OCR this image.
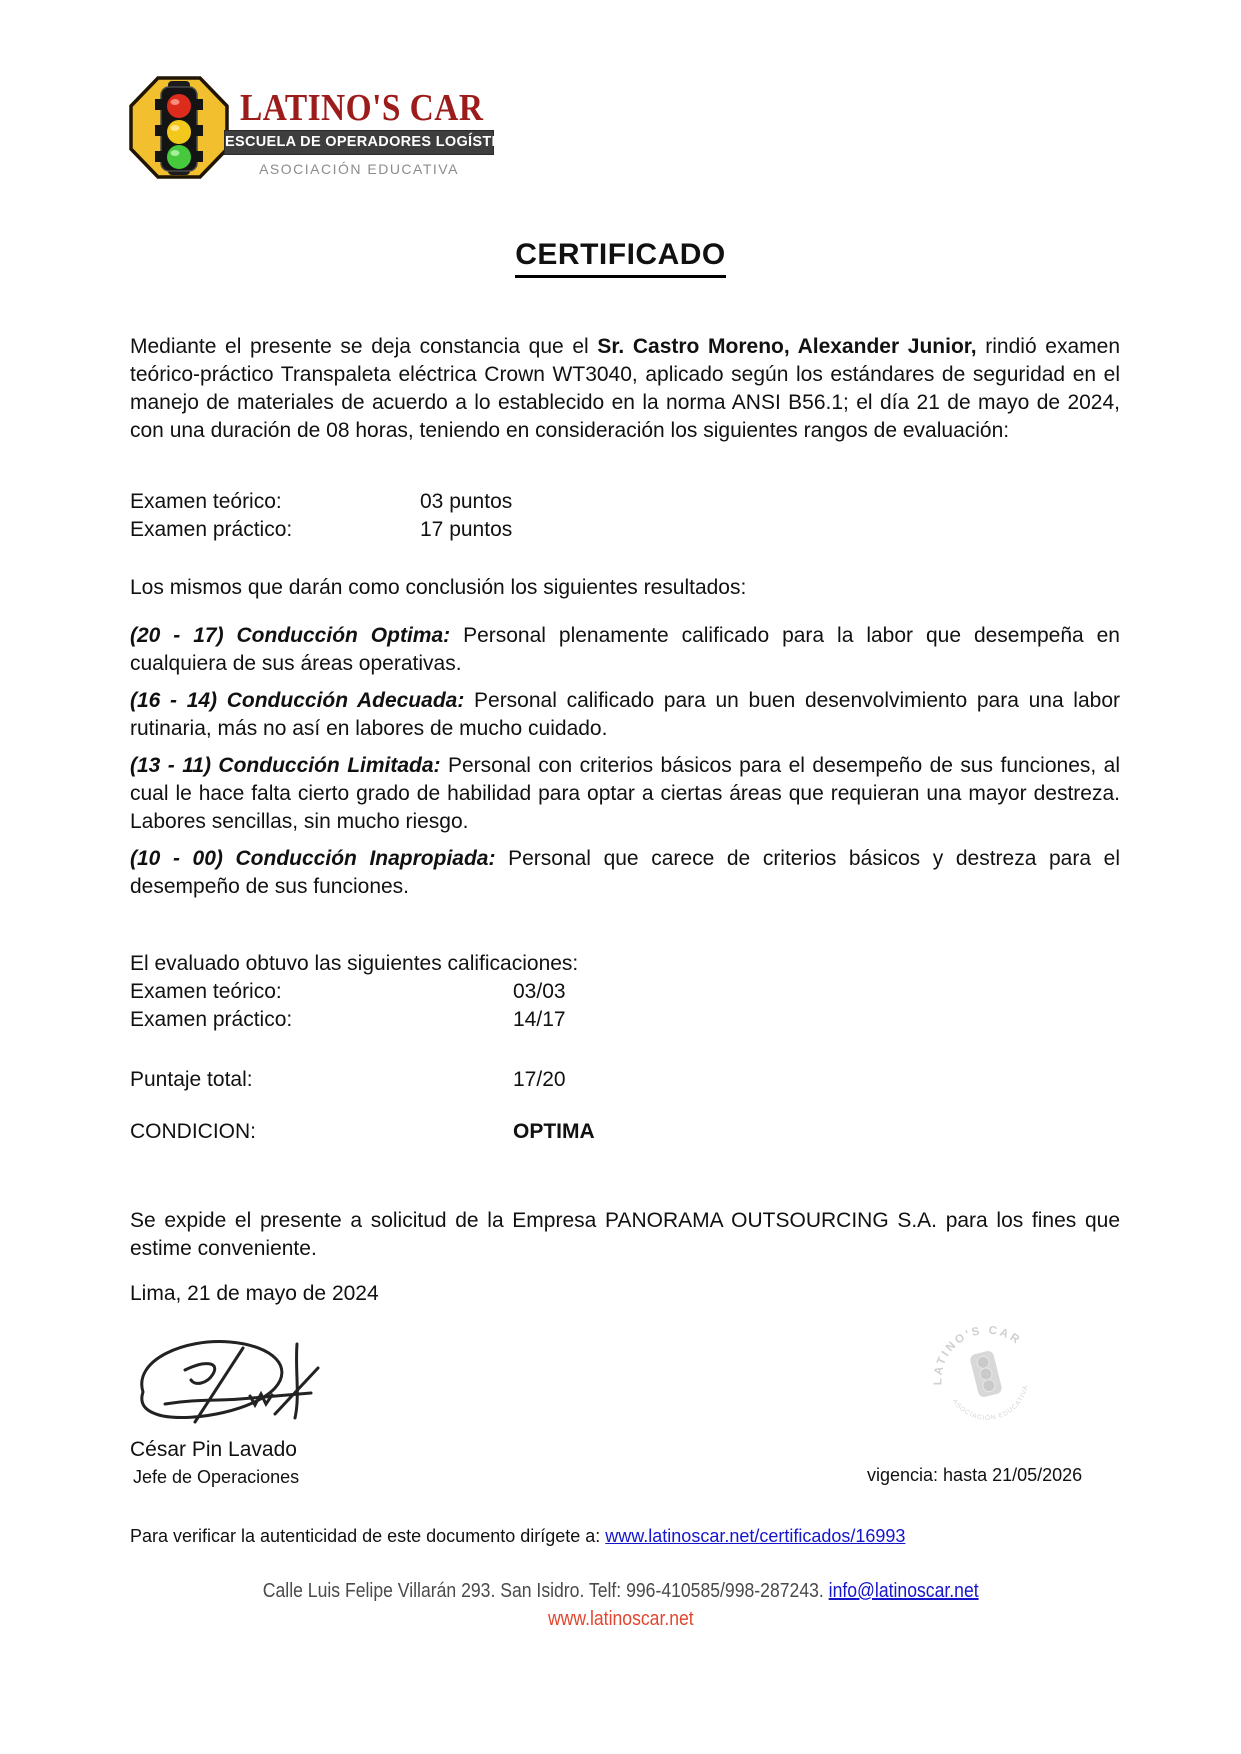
LATINO'S CAR
ESCUELA DE OPERADORES LOGÍSTICOS
ASOCIACIÓN EDUCATIVA
CERTIFICADO

Mediante el presente se deja constancia que el Sr. Castro Moreno, Alexander Junior, rindió examen teórico-práctico Transpaleta eléctrica Crown WT3040, aplicado según los estándares de seguridad en el manejo de materiales de acuerdo a lo establecido en la norma ANSI B56.1; el día 21 de mayo de 2024, con una duración de 08 horas, teniendo en consideración los siguientes rangos de evaluación:

Examen teórico:	03 puntos
Examen práctico:	17 puntos
Los mismos que darán como conclusión los siguientes resultados:

(20 - 17) Conducción Optima: Personal plenamente calificado para la labor que desempeña en cualquiera de sus áreas operativas.

(16 - 14) Conducción Adecuada: Personal calificado para un buen desenvolvimiento para una labor rutinaria, más no así en labores de mucho cuidado.

(13 - 11) Conducción Limitada: Personal con criterios básicos para el desempeño de sus funciones, al cual le hace falta cierto grado de habilidad para optar a ciertas áreas que requieran una mayor destreza. Labores sencillas, sin mucho riesgo.

(10 - 00) Conducción Inapropiada: Personal que carece de criterios básicos y destreza para el desempeño de sus funciones.

El evaluado obtuvo las siguientes calificaciones:
Examen teórico:	03/03
Examen práctico:	14/17
Puntaje total:	17/20
CONDICION:	OPTIMA

Se expide el presente a solicitud de la Empresa PANORAMA OUTSOURCING S.A. para los fines que estime conveniente.

Lima, 21 de mayo de 2024
César Pin Lavado
Jefe de Operaciones	vigencia: hasta 21/05/2026
LATINO'S CAR
ASOCIACIÓN EDUCATIVA
Para verificar la autenticidad de este documento dirígete a: www.latinoscar.net/certificados/16993
Calle Luis Felipe Villarán 293. San Isidro. Telf: 996-410585/998-287243. info@latinoscar.net
www.latinoscar.net
